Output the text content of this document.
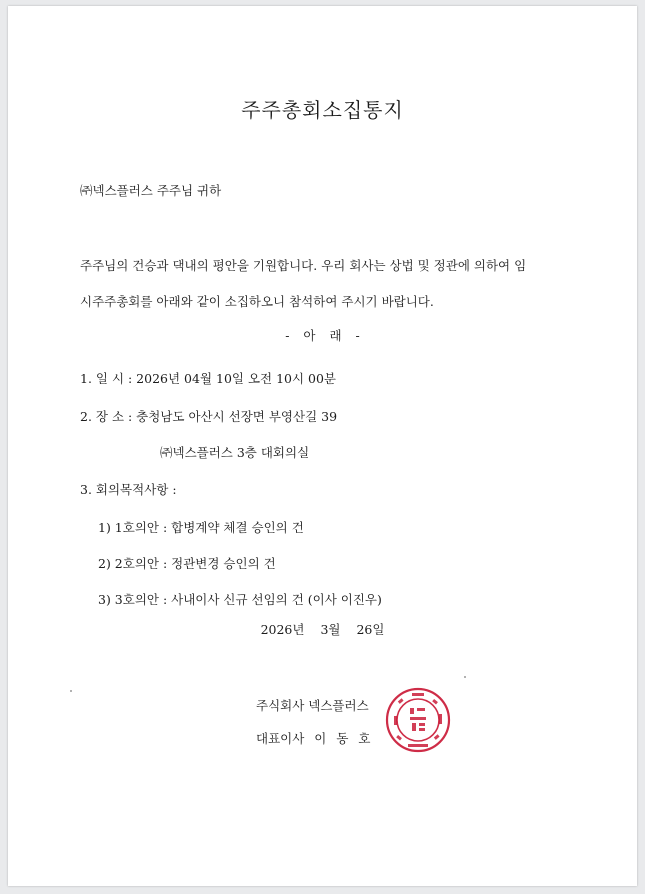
주주총회소집통지
㈜넥스플러스 주주님 귀하
주주님의 건승과 댁내의 평안을 기원합니다. 우리 회사는 상법 및 정관에 의하여 임
시주주총회를 아래와 같이 소집하오니 참석하여 주시기 바랍니다.
- 아 래 -
1. 일 시 : 2026년 04월 10일 오전 10시 00분
2. 장 소 : 충청남도 아산시 선장면 부영산길 39
㈜넥스플러스 3층 대회의실
3. 회의목적사항 :
1) 1호의안 : 합병계약 체결 승인의 건
2) 2호의안 : 정관변경 승인의 건
3) 3호의안 : 사내이사 신규 선임의 건 (이사 이진우)
2026년 3월 26일
주식회사 넥스플러스
대표이사 이 동 호
